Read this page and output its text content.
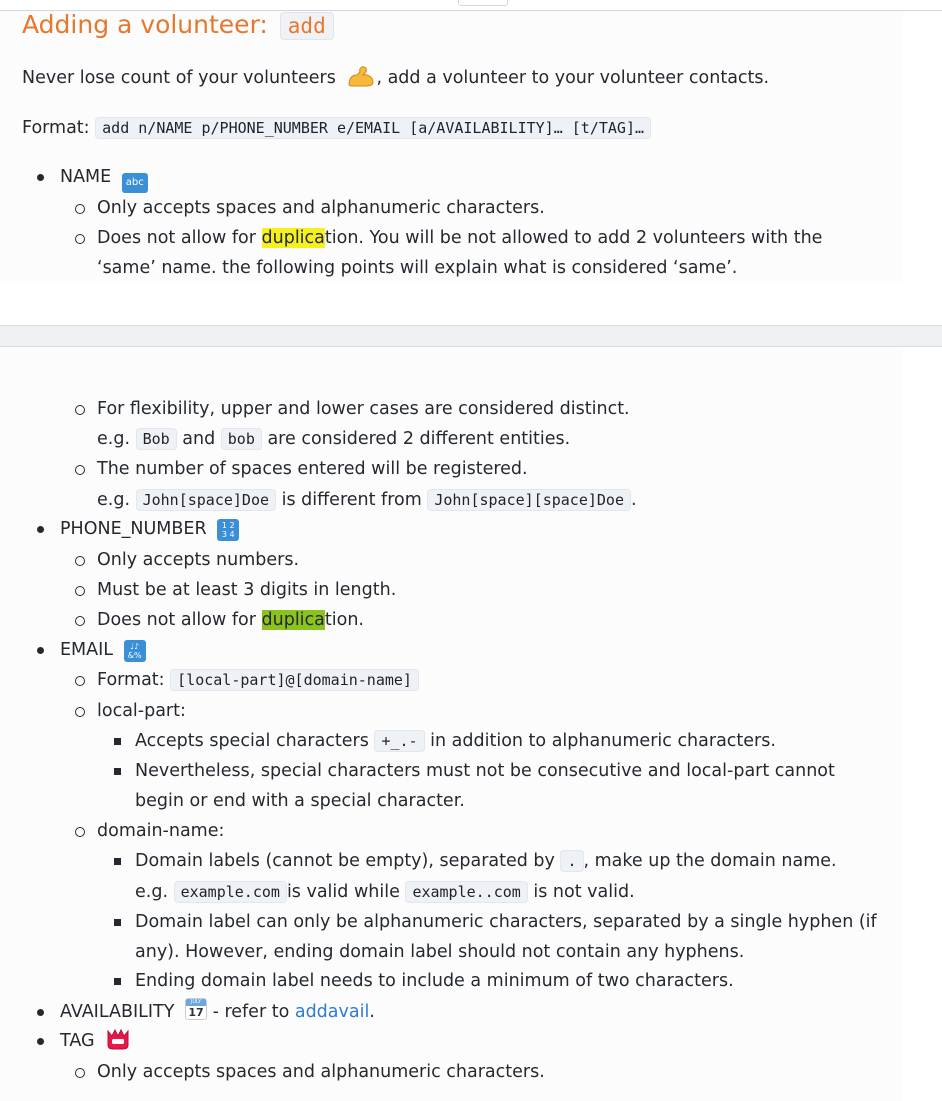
Adding a volunteer: add
Never lose count of your volunteers , add a volunteer to your volunteer contacts.
Format: add n/NAME p/PHONE_NUMBER e/EMAIL [a/AVAILABILITY]… [t/TAG]…
NAME abc
Only accepts spaces and alphanumeric characters.
Does not allow for duplication. You will be not allowed to add 2 volunteers with the
‘same’ name. the following points will explain what is considered ‘same’.
For flexibility, upper and lower cases are considered distinct.
e.g. Bob and bob are considered 2 different entities.
The number of spaces entered will be registered.
e.g. John[space]Doe is different from John[space][space]Doe .
PHONE_NUMBER 1 2
3 4
Only accepts numbers.
Must be at least 3 digits in length.
Does not allow for duplication.
EMAIL ♩♪
&%
Format: [local-part]@[domain-name]
local-part:
Accepts special characters +_.- in addition to alphanumeric characters.
Nevertheless, special characters must not be consecutive and local-part cannot
begin or end with a special character.
domain-name:
Domain labels (cannot be empty), separated by . , make up the domain name.
e.g. example.com is valid while example..com is not valid.
Domain label can only be alphanumeric characters, separated by a single hyphen (if
any). However, ending domain label should not contain any hyphens.
Ending domain label needs to include a minimum of two characters.
AVAILABILITY	JULY
17 - refer to addavail.
TAG
Only accepts spaces and alphanumeric characters.
